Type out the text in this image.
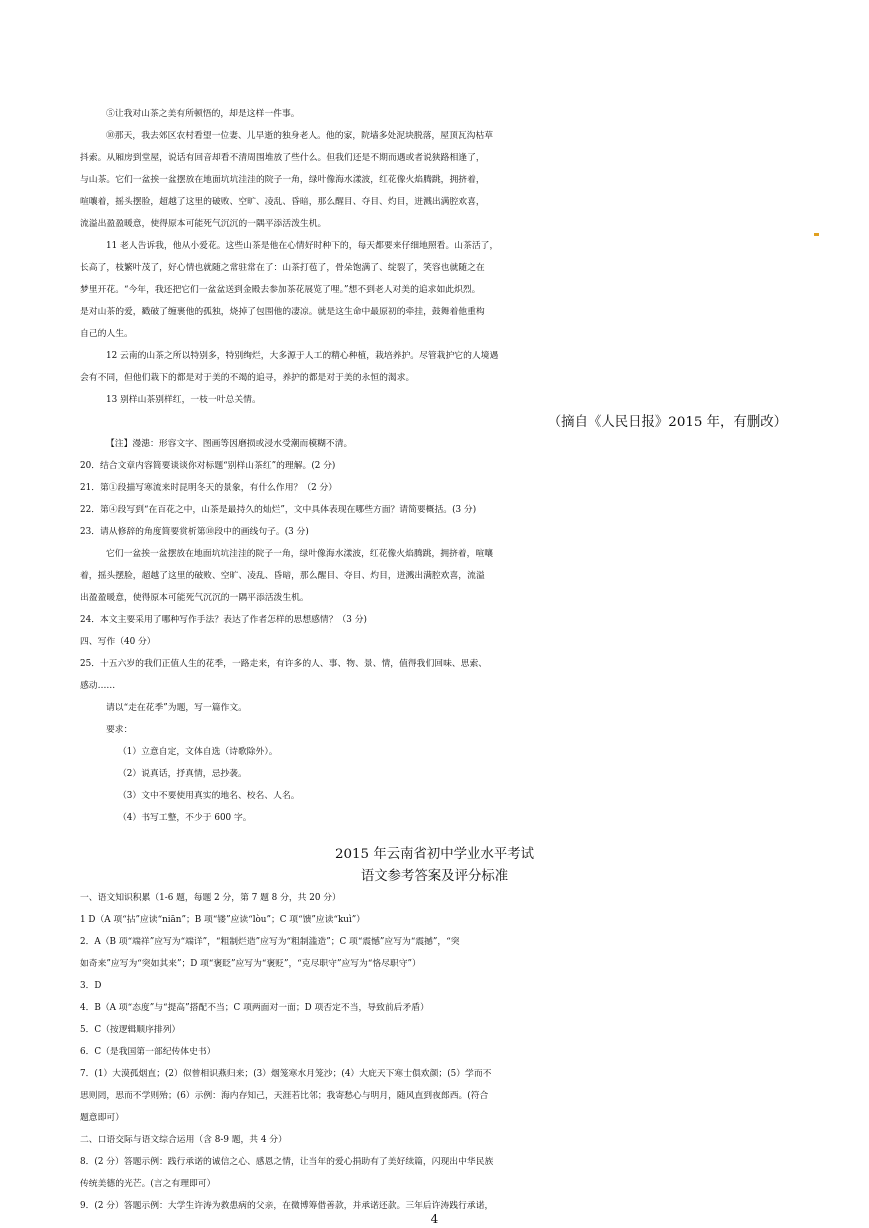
⑤让我对山茶之美有所顿悟的，却是这样一件事。
⑩那天，我去郊区农村看望一位妻、儿早逝的独身老人。他的家，院墙多处泥块脱落，屋顶瓦沟枯草
抖索。从厢房到堂屋，说话有回音却看不清周围堆放了些什么。但我们还是不期而遇或者说狭路相逢了，
与山茶。它们一盆挨一盆摆放在地面坑坑洼洼的院子一角，绿叶像海水漾波，红花像火焰腾跳，拥挤着，
喧嚷着，摇头摆脸，超越了这里的破败、空旷、凌乱、昏暗，那么醒目、夺目、灼目，迸溅出满腔欢喜，
流溢出盈盈暖意，使得原本可能死气沉沉的一隅平添活泼生机。
11 老人告诉我，他从小爱花。这些山茶是他在心情好时种下的，每天都要来仔细地照看。山茶活了，
长高了，枝繁叶茂了，好心情也就随之常驻常在了：山茶打苞了，骨朵饱满了、绽裂了，笑容也就随之在
梦里开花。“今年，我还把它们一盆盆送到金殿去参加茶花展览了哩。”想不到老人对美的追求如此炽烈。
是对山茶的爱，戳破了缠裹他的孤独，烧掉了包围他的凄凉。就是这生命中最原初的牵挂，鼓舞着他重构
自己的人生。
12 云南的山茶之所以特别多，特别绚烂，大多源于人工的精心种植，栽培养护。尽管栽护它的人境遇
会有不同，但他们栽下的都是对于美的不竭的追寻，养护的都是对于美的永恒的渴求。
13 别样山茶别样红，一枝一叶总关情。
（摘自《人民日报》2015 年，有删改）
【注】漫漶：形容文字、图画等因磨损或浸水受潮而模糊不清。
20．结合文章内容简要谈谈你对标题“别样山茶红”的理解。(2 分)
21．第①段描写寒流来时昆明冬天的景象，有什么作用？（2 分）
22．第④段写到“在百花之中，山茶是最持久的灿烂”，文中具体表现在哪些方面？请简要概括。(3 分)
23．请从修辞的角度简要赏析第⑩段中的画线句子。(3 分)
它们一盆挨一盆摆放在地面坑坑洼洼的院子一角，绿叶像海水漾波，红花像火焰腾跳，拥挤着，喧嚷
着，摇头摆脸，超越了这里的破败、空旷、凌乱、昏暗，那么醒目、夺目、灼目，迸溅出满腔欢喜，流溢
出盈盈暖意，使得原本可能死气沉沉的一隅平添活泼生机。
24．本文主要采用了哪种写作手法？表达了作者怎样的思想感情？（3 分)
四、写作（40 分）
25．十五六岁的我们正值人生的花季，一路走来，有许多的人、事、物、景、情，值得我们回味、思索、
感动……
请以“走在花季”为题，写一篇作文。
要求：
（1）立意自定，文体自选（诗歌除外）。
（2）说真话，抒真情，忌抄袭。
（3）文中不要使用真实的地名、校名、人名。
（4）书写工整，不少于 600 字。
2015 年云南省初中学业水平考试
语文参考答案及评分标准
一、语文知识积累（1-6 题，每题 2 分，第 7 题 8 分，共 20 分）
1 D（A 项“拈”应读“niān”；B 项“镂”应读“lòu”；C 项“馈”应读“kuì”）
2．A（B 项“端祥”应写为“端详”，“粗制烂造”应写为“粗制滥造”；C 项“震憾”应写为“震撼”，“突
如奇来”应写为“突如其来”；D 项“褒眨”应写为“褒贬”，“克尽职守”应写为“恪尽职守”）
3．D
4．B（A 项“态度”与“提高”搭配不当；C 项两面对一面；D 项否定不当，导致前后矛盾）
5．C（按逻辑顺序排列）
6．C（是我国第一部纪传体史书）
7．(1）大漠孤烟直；(2）似曾相识燕归来；(3）烟笼寒水月笼沙；(4）大庇天下寒士俱欢颜；(5）学而不
思则罔，思而不学则殆；(6）示例：海内存知己，天涯若比邻；我寄愁心与明月，随风直到夜郎西。(符合
题意即可）
二、口语交际与语文综合运用（含 8-9 题，共 4 分）
8．(2 分）答题示例：践行承诺的诚信之心、感恩之情，让当年的爱心捐助有了美好续篇，闪现出中华民族
传统美德的光芒。(言之有理即可）
9．(2 分）答题示例：大学生许涛为救患病的父亲，在微博筹借善款，并承诺还款。三年后许涛践行承诺，
4
